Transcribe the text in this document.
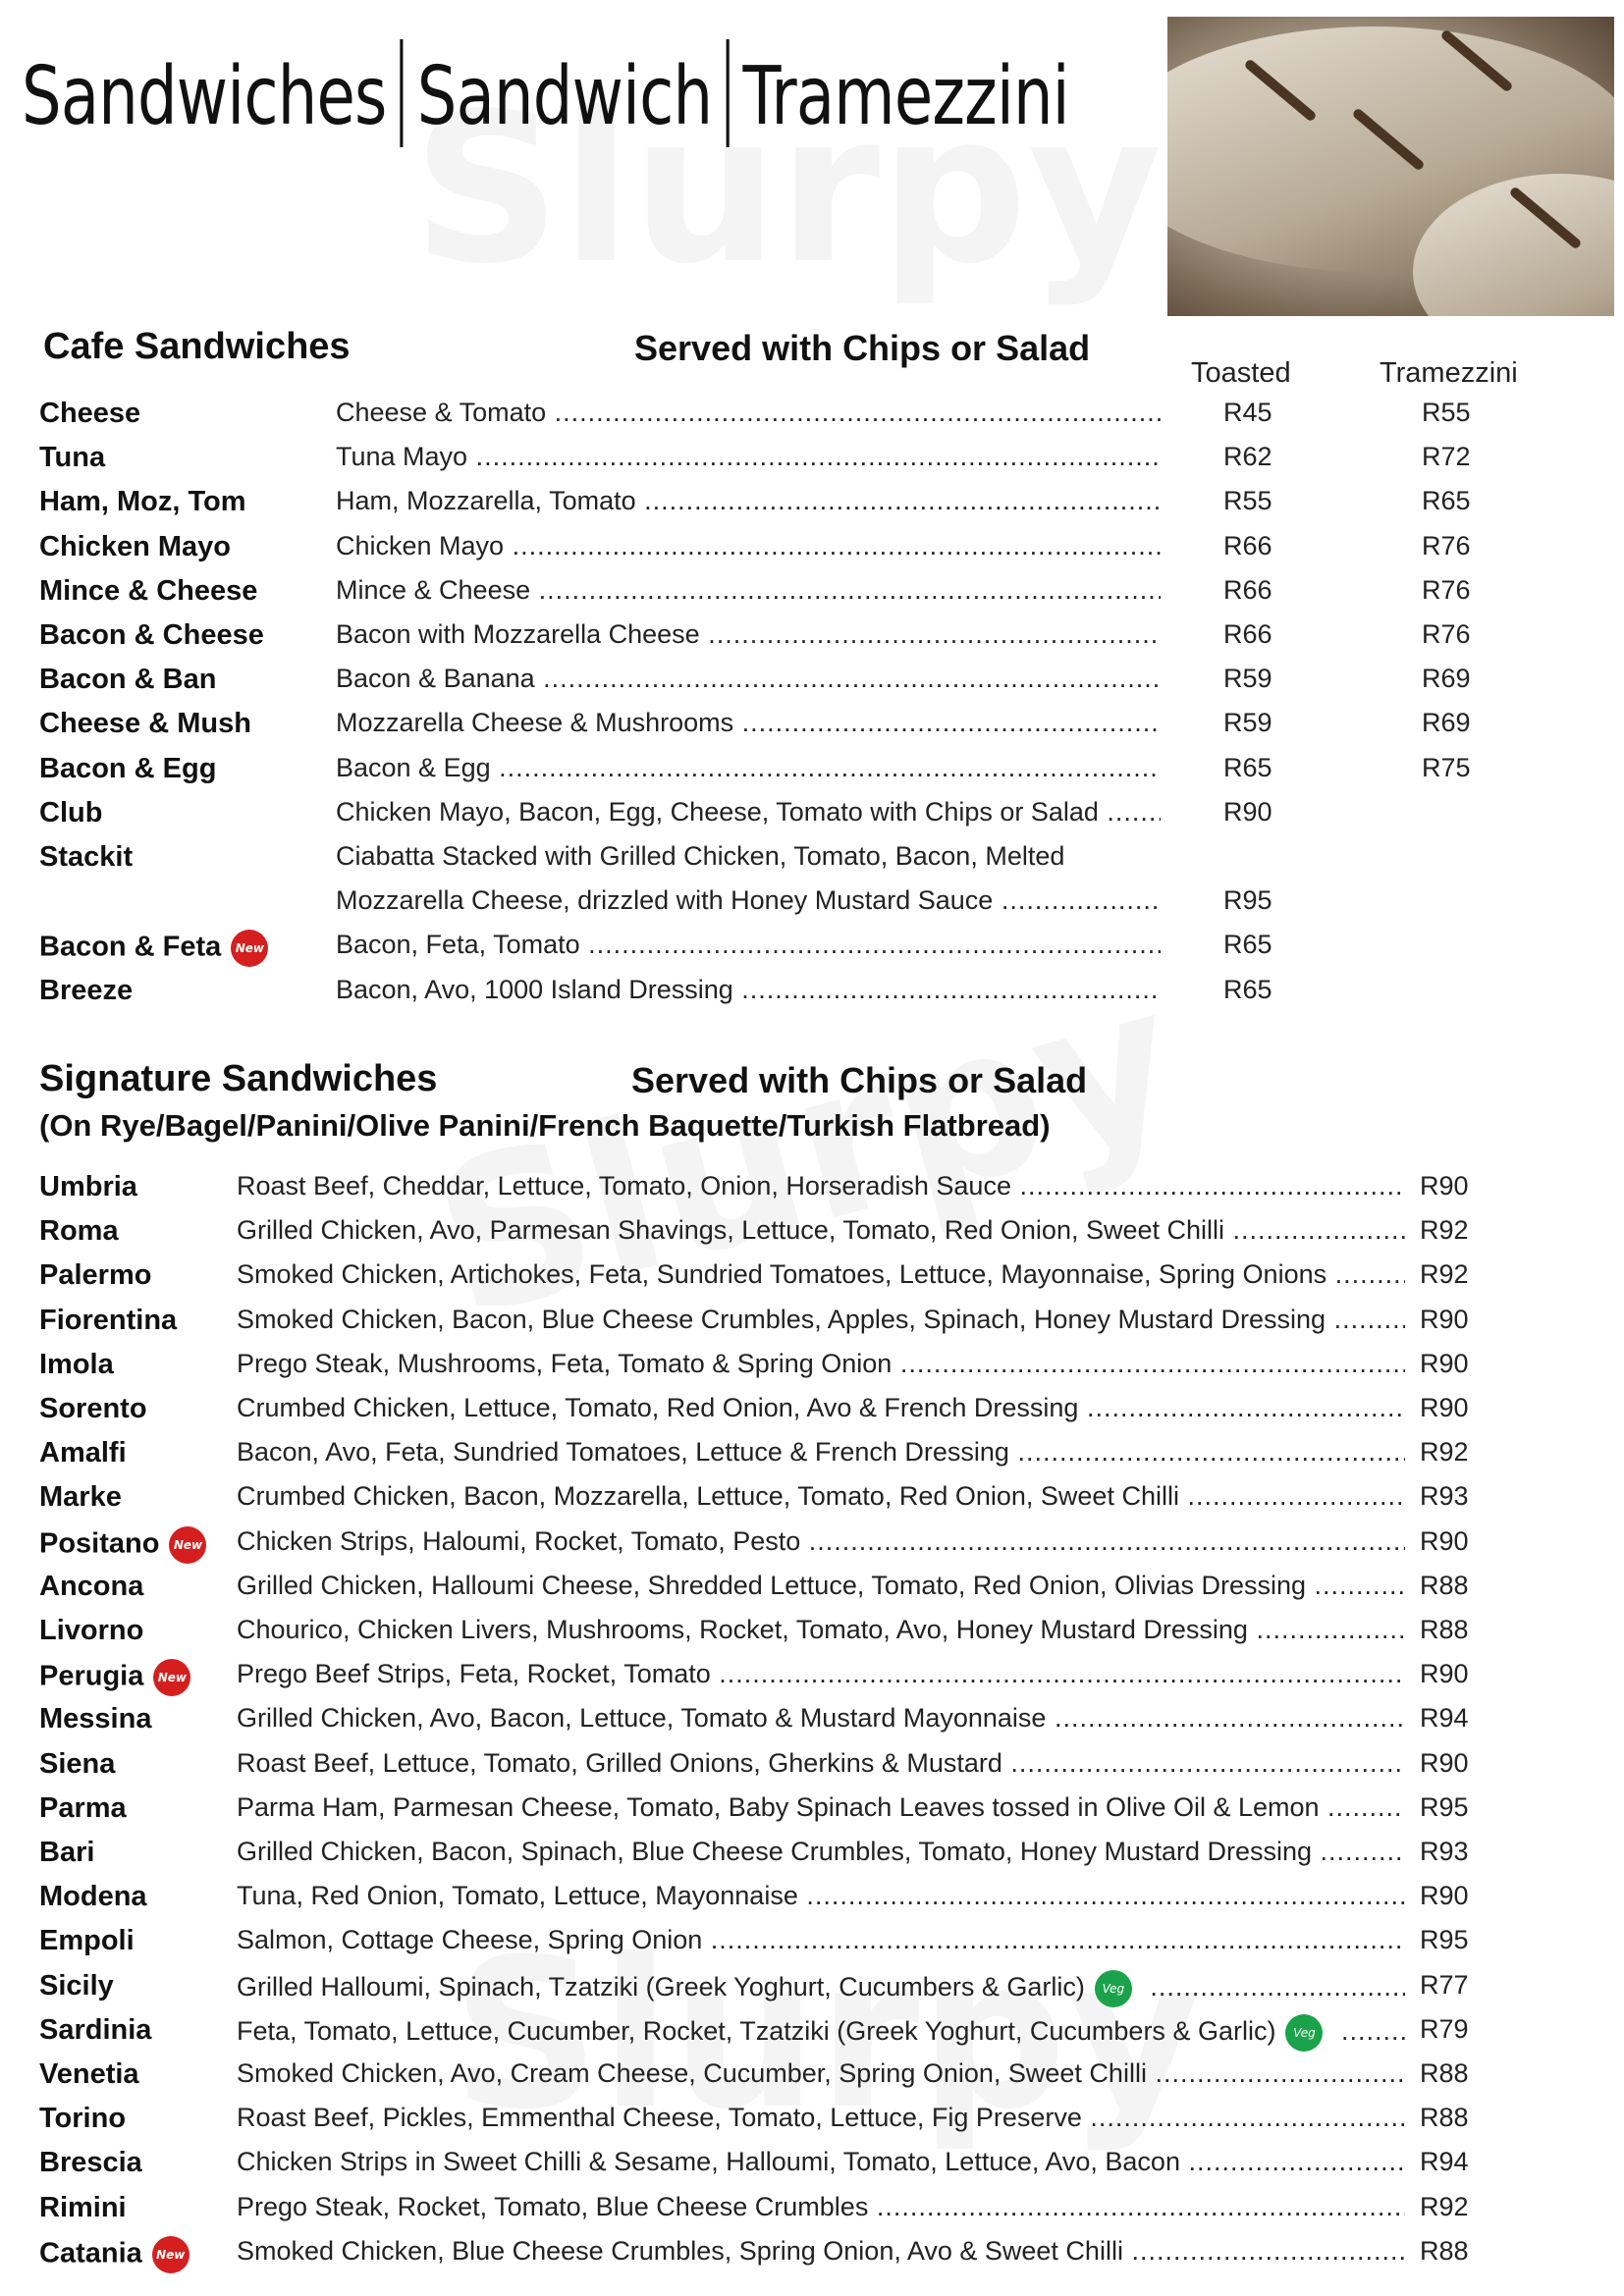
Sandwiches Sandwich Tramezzini
Cafe Sandwiches	Served with Chips or Salad
Toasted	Tramezzini
Cheese	Cheese & Tomato .....	R45	R55
Tuna	Tuna Mayo .....	R62	R72
Ham, Moz, Tom	Ham, Mozzarella, Tomato .....	R55	R65
Chicken Mayo	Chicken Mayo .....	R66	R76
Mince & Cheese	Mince & Cheese .....	R66	R76
Bacon & Cheese	Bacon with Mozzarella Cheese .....	R66	R76
Bacon & Ban	Bacon & Banana .....	R59	R69
Cheese & Mush	Mozzarella Cheese & Mushrooms .....	R59	R69
Bacon & Egg	Bacon & Egg .....	R65	R75
Club	Chicken Mayo, Bacon, Egg, Cheese, Tomato with Chips or Salad .....	R90
Stackit	Ciabatta Stacked with Grilled Chicken, Tomato, Bacon, Melted
Mozzarella Cheese, drizzled with Honey Mustard Sauce .....	R95
Bacon & Feta New	Bacon, Feta, Tomato .....	R65
Breeze	Bacon, Avo, 1000 Island Dressing .....	R65
Signature Sandwiches	Served with Chips or Salad
(On Rye/Bagel/Panini/Olive Panini/French Baquette/Turkish Flatbread)
Umbria	Roast Beef, Cheddar, Lettuce, Tomato, Onion, Horseradish Sauce .....	R90
Roma	Grilled Chicken, Avo, Parmesan Shavings, Lettuce, Tomato, Red Onion, Sweet Chilli .....	R92
Palermo	Smoked Chicken, Artichokes, Feta, Sundried Tomatoes, Lettuce, Mayonnaise, Spring Onions .....	R92
Fiorentina Smoked Chicken, Bacon, Blue Cheese Crumbles, Apples, Spinach, Honey Mustard Dressing .....	R90
Imola	Prego Steak, Mushrooms, Feta, Tomato & Spring Onion .....	R90
Sorento	Crumbed Chicken, Lettuce, Tomato, Red Onion, Avo & French Dressing .....	R90
Amalfi	Bacon, Avo, Feta, Sundried Tomatoes, Lettuce & French Dressing .....	R92
Marke	Crumbed Chicken, Bacon, Mozzarella, Lettuce, Tomato, Red Onion, Sweet Chilli .....	R93
Positano New Chicken Strips, Haloumi, Rocket, Tomato, Pesto .....	R90
Ancona	Grilled Chicken, Halloumi Cheese, Shredded Lettuce, Tomato, Red Onion, Olivias Dressing .....	R88
Livorno	Chourico, Chicken Livers, Mushrooms, Rocket, Tomato, Avo, Honey Mustard Dressing .....	R88
Perugia New Prego Beef Strips, Feta, Rocket, Tomato .....	R90
Messina	Grilled Chicken, Avo, Bacon, Lettuce, Tomato & Mustard Mayonnaise .....	R94
Siena	Roast Beef, Lettuce, Tomato, Grilled Onions, Gherkins & Mustard .....	R90
Parma	Parma Ham, Parmesan Cheese, Tomato, Baby Spinach Leaves tossed in Olive Oil & Lemon .....	R95
Bari	Grilled Chicken, Bacon, Spinach, Blue Cheese Crumbles, Tomato, Honey Mustard Dressing .....	R93
Modena	Tuna, Red Onion, Tomato, Lettuce, Mayonnaise .....	R90
Empoli	Salmon, Cottage Cheese, Spring Onion .....	R95
Sicily	Grilled Halloumi, Spinach, Tzatziki (Greek Yoghurt, Cucumbers & Garlic) Veg .....	R77
Sardinia	Feta, Tomato, Lettuce, Cucumber, Rocket, Tzatziki (Greek Yoghurt, Cucumbers & Garlic) Veg .....	R79
Venetia	Smoked Chicken, Avo, Cream Cheese, Cucumber, Spring Onion, Sweet Chilli .....	R88
Torino	Roast Beef, Pickles, Emmenthal Cheese, Tomato, Lettuce, Fig Preserve .....	R88
Brescia	Chicken Strips in Sweet Chilli & Sesame, Halloumi, Tomato, Lettuce, Avo, Bacon .....	R94
Rimini	Prego Steak, Rocket, Tomato, Blue Cheese Crumbles .....	R92
Catania New Smoked Chicken, Blue Cheese Crumbles, Spring Onion, Avo & Sweet Chilli .....	R88
